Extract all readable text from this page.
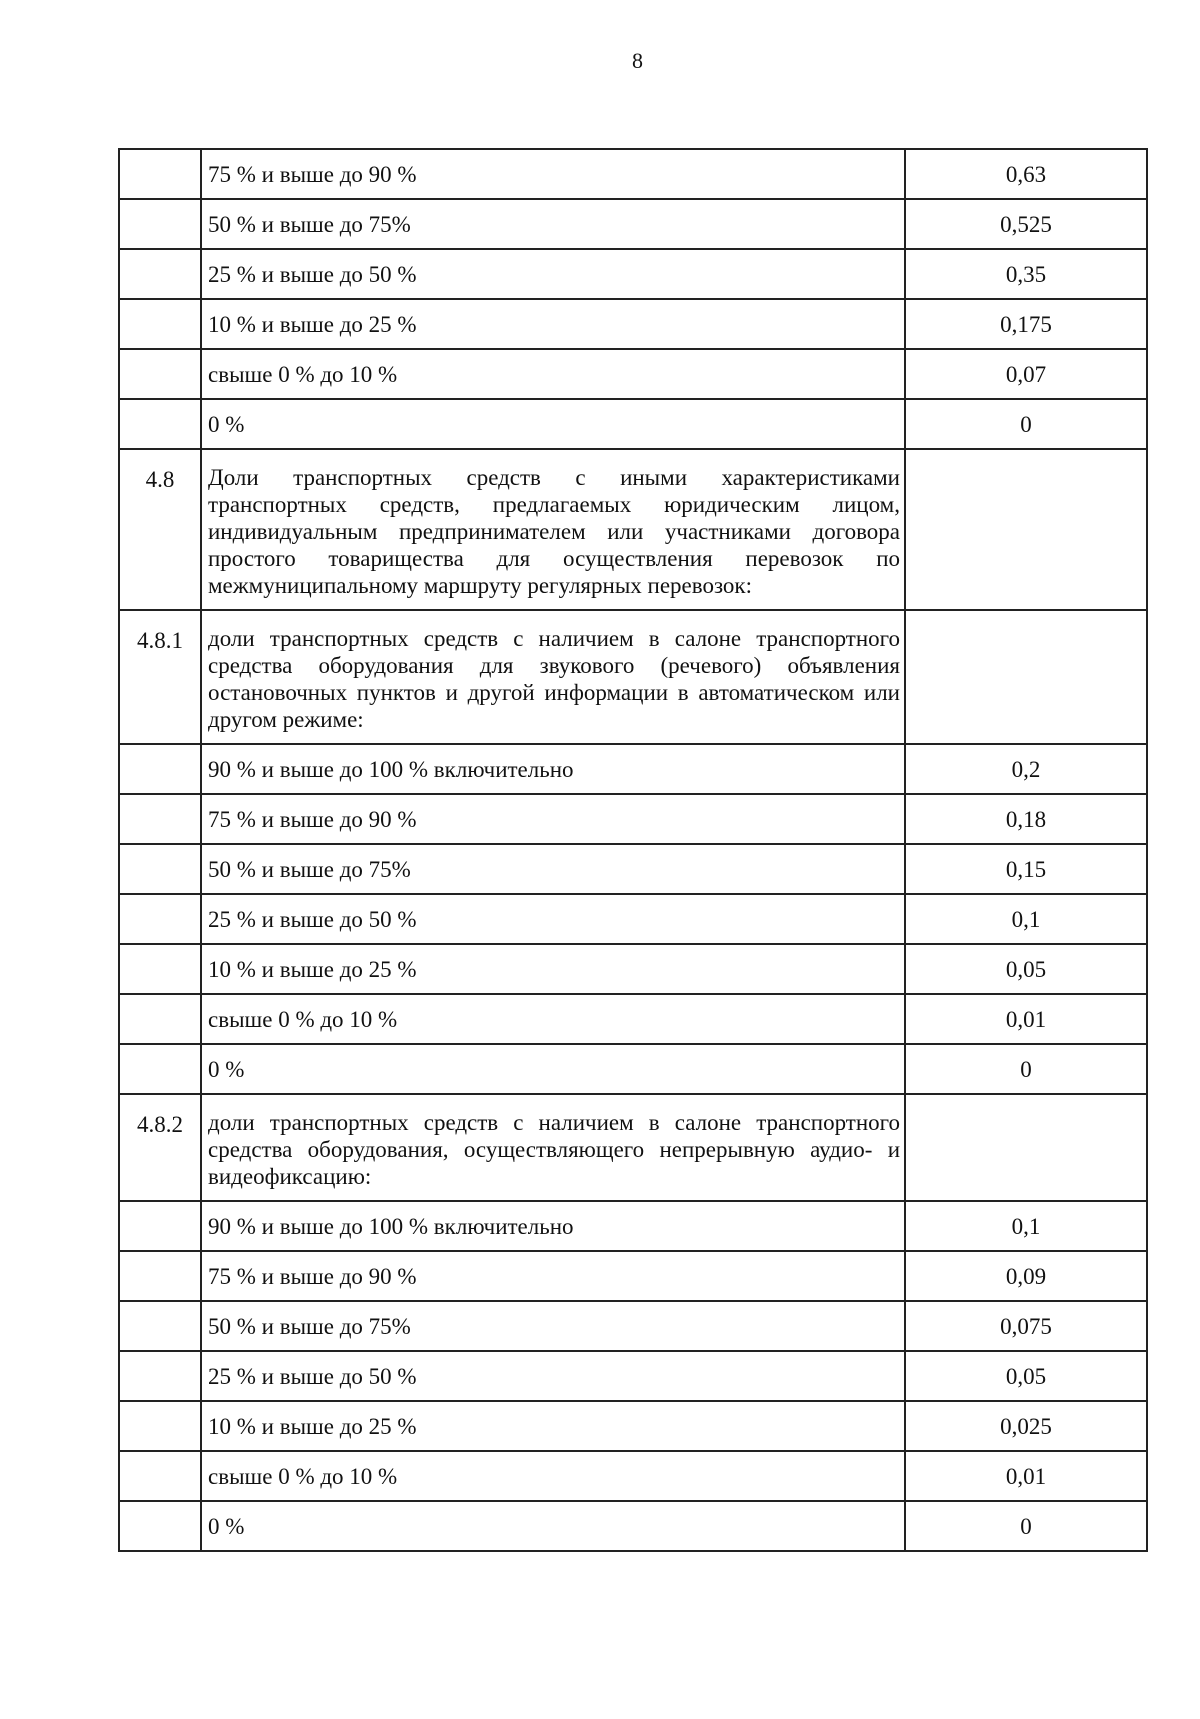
8
	75 % и выше до 90 %	0,63
	50 % и выше до 75%	0,525
	25 % и выше до 50 %	0,35
	10 % и выше до 25 %	0,175
	свыше 0 % до 10 %	0,07
	0 %	0
4.8	Доли транспортных средств с иными характеристиками транспортных средств, предлагаемых юридическим лицом, индивидуальным предпринимателем или участниками договора простого товарищества для осуществления перевозок по межмуниципальному маршруту регулярных перевозок:	

4.8.1	доли транспортных средств с наличием в салоне транспортного средства оборудования для звукового (речевого) объявления остановочных пунктов и другой информации в автоматическом или другом режиме:	

	90 % и выше до 100 % включительно	0,2
	75 % и выше до 90 %	0,18
	50 % и выше до 75%	0,15
	25 % и выше до 50 %	0,1
	10 % и выше до 25 %	0,05
	свыше 0 % до 10 %	0,01
	0 %	0
4.8.2	доли транспортных средств с наличием в салоне транспортного средства оборудования, осуществляющего непрерывную аудио- и видеофиксацию:	

	90 % и выше до 100 % включительно	0,1
	75 % и выше до 90 %	0,09
	50 % и выше до 75%	0,075
	25 % и выше до 50 %	0,05
	10 % и выше до 25 %	0,025
	свыше 0 % до 10 %	0,01
	0 %	0
